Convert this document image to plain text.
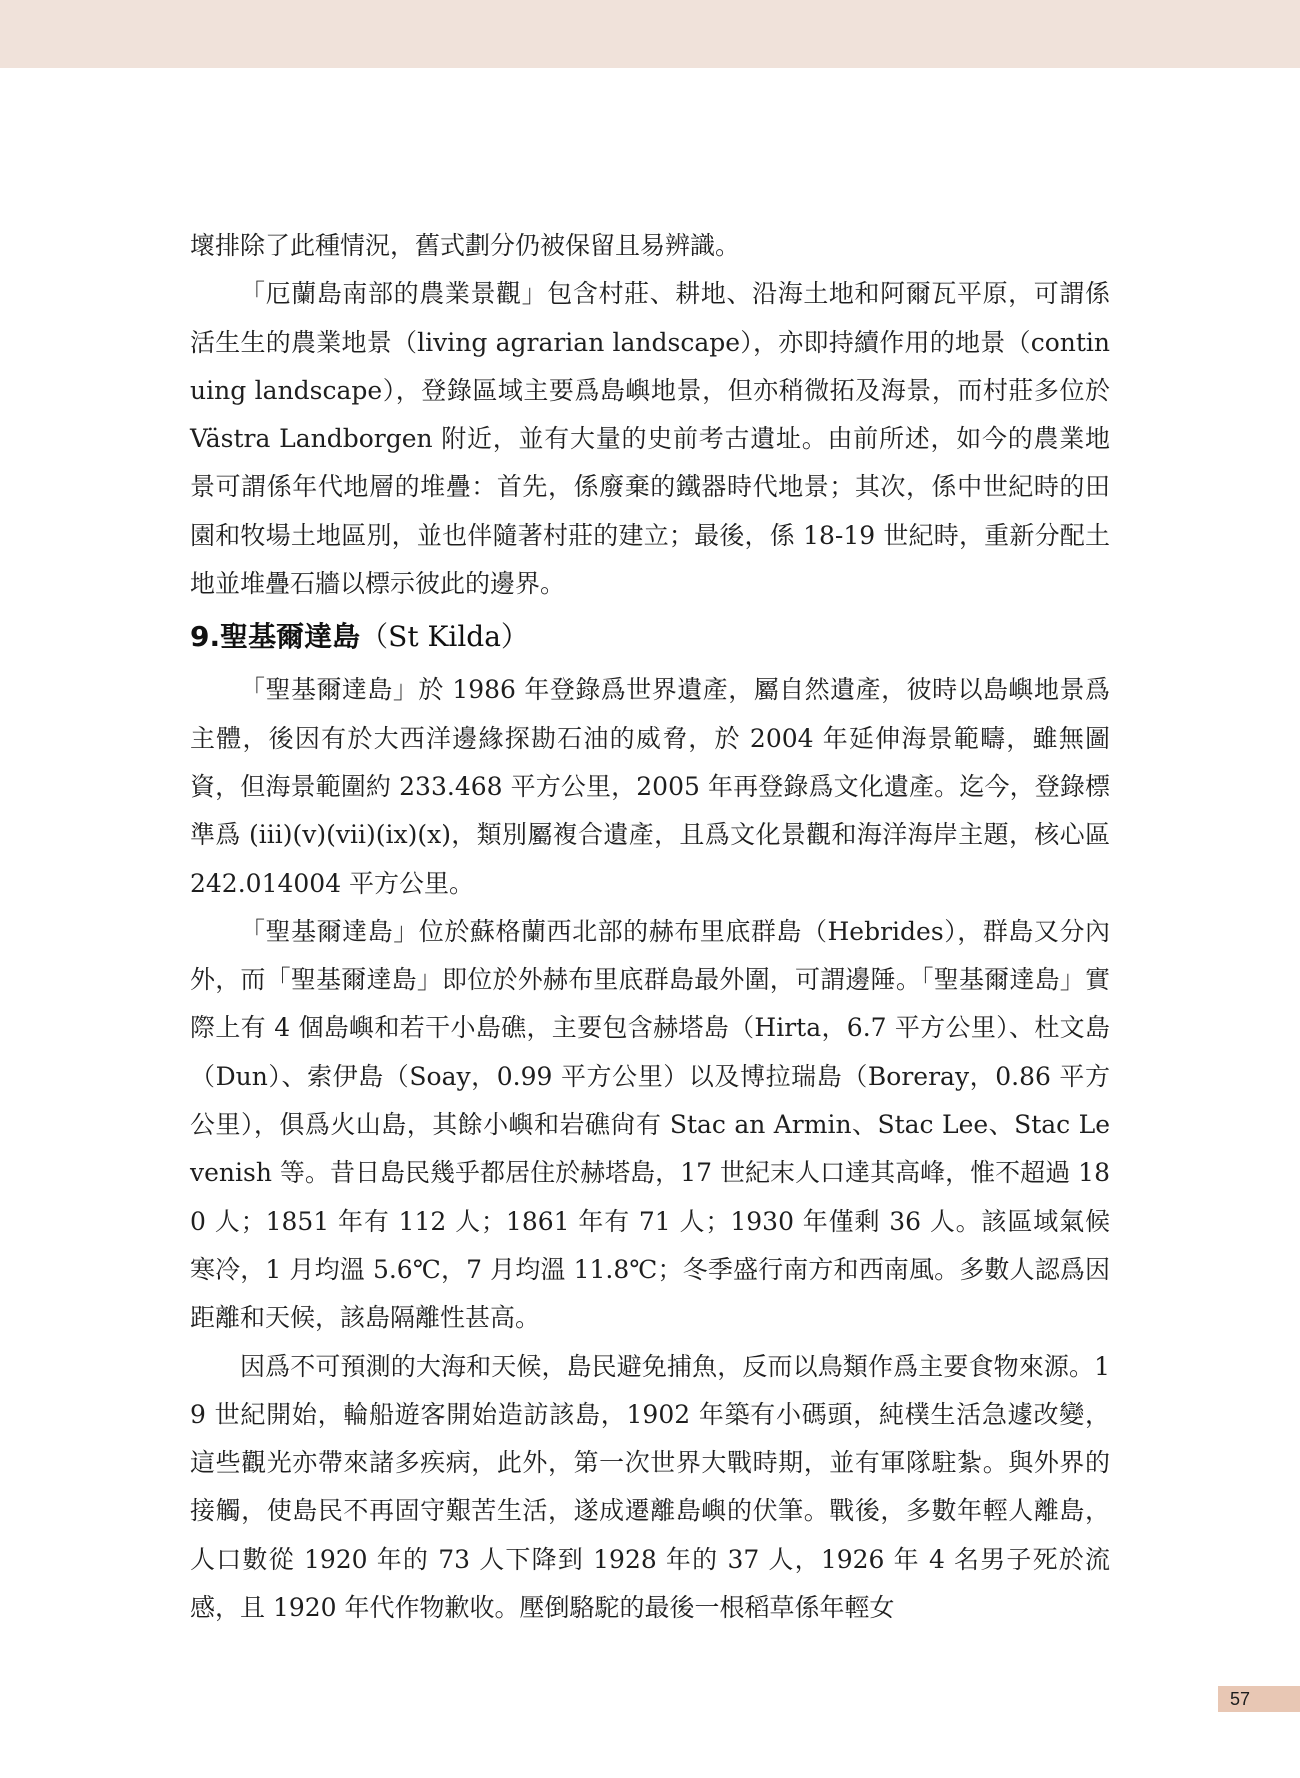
壞排除了此種情況，舊式劃分仍被保留且易辨識。

「厄蘭島南部的農業景觀」包含村莊、耕地、沿海土地和阿爾瓦平原，可謂係活生生的農業地景（living agrarian landscape），亦即持續作用的地景（continuing landscape），登錄區域主要爲島嶼地景，但亦稍微拓及海景，而村莊多位於 Västra Landborgen 附近，並有大量的史前考古遺址。由前所述，如今的農業地景可謂係年代地層的堆疊：首先，係廢棄的鐵器時代地景；其次，係中世紀時的田園和牧場土地區別，並也伴隨著村莊的建立；最後，係 18-19 世紀時，重新分配土地並堆疊石牆以標示彼此的邊界。

9.聖基爾達島（St Kilda）

「聖基爾達島」於 1986 年登錄爲世界遺產，屬自然遺產，彼時以島嶼地景爲主體，後因有於大西洋邊緣探勘石油的威脅，於 2004 年延伸海景範疇，雖無圖資，但海景範圍約 233.468 平方公里，2005 年再登錄爲文化遺產。迄今，登錄標準爲 (iii)(v)(vii)(ix)(x)，類別屬複合遺產，且爲文化景觀和海洋海岸主題，核心區 242.014004 平方公里。

「聖基爾達島」位於蘇格蘭西北部的赫布里底群島（Hebrides），群島又分內外，而「聖基爾達島」即位於外赫布里底群島最外圍，可謂邊陲。「聖基爾達島」實際上有 4 個島嶼和若干小島礁，主要包含赫塔島（Hirta，6.7 平方公里）、杜文島（Dun）、索伊島（Soay，0.99 平方公里）以及博拉瑞島（Boreray，0.86 平方公里），俱爲火山島，其餘小嶼和岩礁尙有 Stac an Armin、Stac Lee、Stac Levenish 等。昔日島民幾乎都居住於赫塔島，17 世紀末人口達其高峰，惟不超過 180 人；1851 年有 112 人；1861 年有 71 人；1930 年僅剩 36 人。該區域氣候寒冷，1 月均溫 5.6℃，7 月均溫 11.8℃；冬季盛行南方和西南風。多數人認爲因距離和天候，該島隔離性甚高。

因爲不可預測的大海和天候，島民避免捕魚，反而以鳥類作爲主要食物來源。19 世紀開始，輪船遊客開始造訪該島，1902 年築有小碼頭，純樸生活急遽改變，這些觀光亦帶來諸多疾病，此外，第一次世界大戰時期，並有軍隊駐紮。與外界的接觸，使島民不再固守艱苦生活，遂成遷離島嶼的伏筆。戰後，多數年輕人離島，人口數從 1920 年的 73 人下降到 1928 年的 37 人，1926 年 4 名男子死於流感，且 1920 年代作物歉收。壓倒駱駝的最後一根稻草係年輕女

57
